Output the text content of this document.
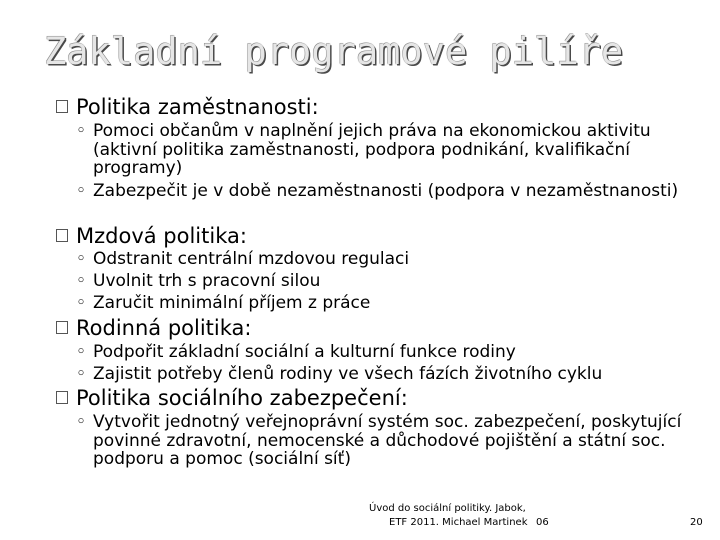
Základní programové pilíře
Politika zaměstnanosti:
◦ Pomoci občanům v naplnění jejich práva na ekonomickou aktivitu (aktivní politika zaměstnanosti, podpora podnikání, kvalifikační programy)
◦ Zabezpečit je v době nezaměstnanosti (podpora v nezaměstnanosti)
Mzdová politika:
◦ Odstranit centrální mzdovou regulaci
◦ Uvolnit trh s pracovní silou
◦ Zaručit minimální příjem z práce
Rodinná politika:
◦ Podpořit základní sociální a kulturní funkce rodiny
◦ Zajistit potřeby členů rodiny ve všech fázích životního cyklu
Politika sociálního zabezpečení:
◦ Vytvořit jednotný veřejnoprávní systém soc. zabezpečení, poskytující povinné zdravotní, nemocenské a důchodové pojištění a státní soc. podporu a pomoc (sociální síť)
Úvod do sociální politiky. Jabok,
ETF 2011. Michael Martinek 06	20
